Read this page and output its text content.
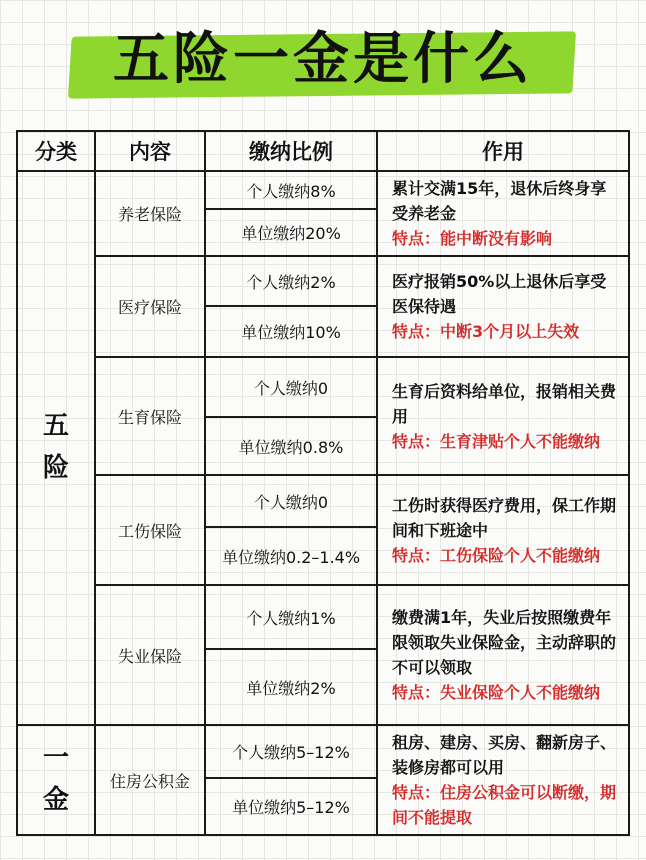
五险一金是什么
分类	内容	缴纳比例	作用
五
险	养老保险	个人缴纳8%	累计交满15年，退休后终身享受养老金
特点：能中断没有影响
		单位缴纳20%	
	医疗保险	个人缴纳2%	医疗报销50%以上退休后享受医保待遇
特点：中断3个月以上失效
		单位缴纳10%	
	生育保险	个人缴纳0	生育后资料给单位，报销相关费用
特点：生育津贴个人不能缴纳
		单位缴纳0.8%	
	工伤保险	个人缴纳0	工伤时获得医疗费用，保工作期间和下班途中
特点：工伤保险个人不能缴纳
		单位缴纳0.2–1.4%	
	失业保险	个人缴纳1%	缴费满1年，失业后按照缴费年限领取失业保险金，主动辞职的不可以领取
特点：失业保险个人不能缴纳
		单位缴纳2%	
一
金	住房公积金	个人缴纳5–12%	租房、建房、买房、翻新房子、装修房都可以用
特点：住房公积金可以断缴，期间不能提取
		单位缴纳5–12%	
